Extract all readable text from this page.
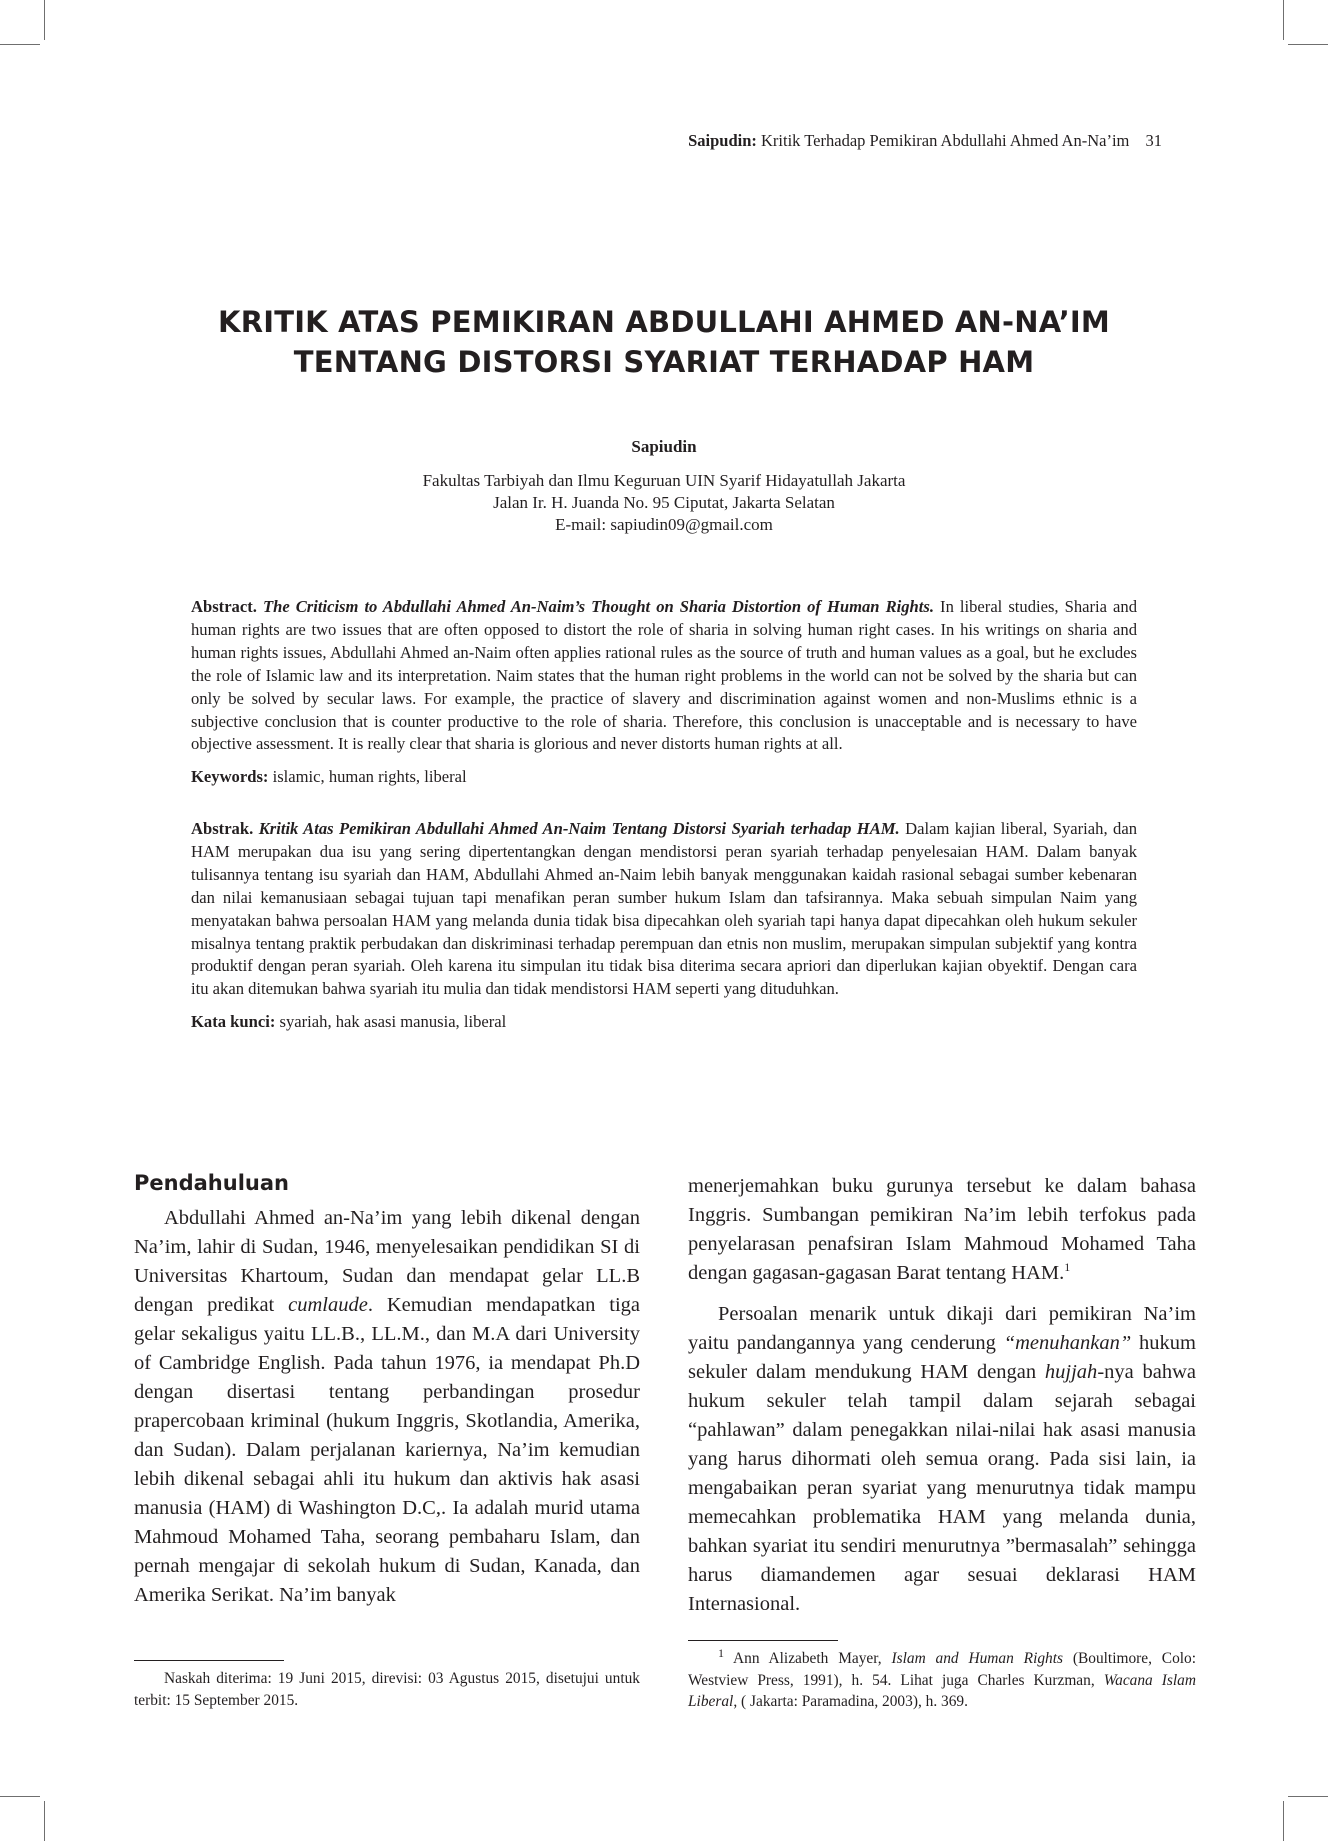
Saipudin: Kritik Terhadap Pemikiran Abdullahi Ahmed An-Na’im 31
KRITIK ATAS PEMIKIRAN ABDULLAHI AHMED AN-NA’IM
TENTANG DISTORSI SYARIAT TERHADAP HAM
Sapiudin
Fakultas Tarbiyah dan Ilmu Keguruan UIN Syarif Hidayatullah Jakarta
Jalan Ir. H. Juanda No. 95 Ciputat, Jakarta Selatan
E-mail: sapiudin09@gmail.com

Abstract. The Criticism to Abdullahi Ahmed An-Naim’s Thought on Sharia Distortion of Human Rights. In liberal studies, Sharia and human rights are two issues that are often opposed to distort the role of sharia in solving human right cases. In his writings on sharia and human rights issues, Abdullahi Ahmed an-Naim often applies rational rules as the source of truth and human values as a goal, but he excludes the role of Islamic law and its interpretation. Naim states that the human right problems in the world can not be solved by the sharia but can only be solved by secular laws. For example, the practice of slavery and discrimination against women and non-Muslims ethnic is a subjective conclusion that is counter productive to the role of sharia. Therefore, this conclusion is unacceptable and is necessary to have objective assessment. It is really clear that sharia is glorious and never distorts human rights at all.

Keywords: islamic, human rights, liberal

Abstrak. Kritik Atas Pemikiran Abdullahi Ahmed An-Naim Tentang Distorsi Syariah terhadap HAM. Dalam kajian liberal, Syariah, dan HAM merupakan dua isu yang sering dipertentangkan dengan mendistorsi peran syariah terhadap penyelesaian HAM. Dalam banyak tulisannya tentang isu syariah dan HAM, Abdullahi Ahmed an-Naim lebih banyak menggunakan kaidah rasional sebagai sumber kebenaran dan nilai kemanusiaan sebagai tujuan tapi menafikan peran sumber hukum Islam dan tafsirannya. Maka sebuah simpulan Naim yang menyatakan bahwa persoalan HAM yang melanda dunia tidak bisa dipecahkan oleh syariah tapi hanya dapat dipecahkan oleh hukum sekuler misalnya tentang praktik perbudakan dan diskriminasi terhadap perempuan dan etnis non muslim, merupakan simpulan subjektif yang kontra produktif dengan peran syariah. Oleh karena itu simpulan itu tidak bisa diterima secara apriori dan diperlukan kajian obyektif. Dengan cara itu akan ditemukan bahwa syariah itu mulia dan tidak mendistorsi HAM seperti yang dituduhkan.

Kata kunci: syariah, hak asasi manusia, liberal

Pendahuluan

Abdullahi Ahmed an-Na’im yang lebih dikenal dengan Na’im, lahir di Sudan, 1946, menyelesaikan pendidikan SI di Universitas Khartoum, Sudan dan mendapat gelar LL.B dengan predikat cumlaude. Kemudian mendapatkan tiga gelar sekaligus yaitu LL.B., LL.M., dan M.A dari University of Cambridge English. Pada tahun 1976, ia mendapat Ph.D dengan disertasi tentang perbandingan prosedur prapercobaan kriminal (hukum Inggris, Skotlandia, Amerika, dan Sudan). Dalam perjalanan kariernya, Na’im kemudian lebih dikenal sebagai ahli itu hukum dan aktivis hak asasi manusia (HAM) di Washington D.C,. Ia adalah murid utama Mahmoud Mohamed Taha, seorang pembaharu Islam, dan pernah mengajar di sekolah hukum di Sudan, Kanada, dan Amerika Serikat. Na’im banyak

menerjemahkan buku gurunya tersebut ke dalam bahasa Inggris. Sumbangan pemikiran Na’im lebih terfokus pada penyelarasan penafsiran Islam Mahmoud Mohamed Taha dengan gagasan-gagasan Barat tentang HAM.$^1$

Persoalan menarik untuk dikaji dari pemikiran Na’im yaitu pandangannya yang cenderung “menuhankan” hukum sekuler dalam mendukung HAM dengan hujjah-nya bahwa hukum sekuler telah tampil dalam sejarah sebagai “pahlawan” dalam penegakkan nilai-nilai hak asasi manusia yang harus dihormati oleh semua orang. Pada sisi lain, ia mengabaikan peran syariat yang menurutnya tidak mampu memecahkan problematika HAM yang melanda dunia, bahkan syariat itu sendiri menurutnya ”bermasalah” sehingga harus diamandemen agar sesuai deklarasi HAM Internasional.

Naskah diterima: 19 Juni 2015, direvisi: 03 Agustus 2015, disetujui untuk terbit: 15 September 2015.

$^1$ Ann Alizabeth Mayer, Islam and Human Rights (Boultimore, Colo: Westview Press, 1991), h. 54. Lihat juga Charles Kurzman, Wacana Islam Liberal, ( Jakarta: Paramadina, 2003), h. 369.
